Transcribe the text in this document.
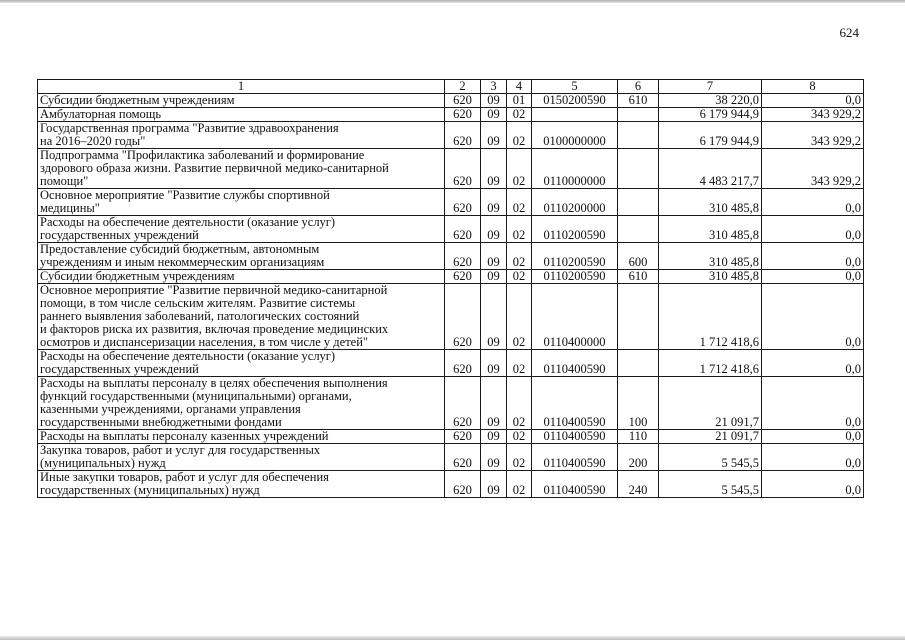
624
1	2	3	4	5	6	7	8
Субсидии бюджетным учреждениям	620	09	01	0150200590	610	38 220,0	0,0
Амбулаторная помощь	620	09	02			6 179 944,9	343 929,2
Государственная программа "Развитие здравоохранения
на 2016–2020 годы"	620	09	02	0100000000		6 179 944,9	343 929,2
Подпрограмма "Профилактика заболеваний и формирование
здорового образа жизни. Развитие первичной медико-санитарной
помощи"	620	09	02	0110000000		4 483 217,7	343 929,2
Основное мероприятие "Развитие службы спортивной
медицины"	620	09	02	0110200000		310 485,8	0,0
Расходы на обеспечение деятельности (оказание услуг)
государственных учреждений	620	09	02	0110200590		310 485,8	0,0
Предоставление субсидий бюджетным, автономным
учреждениям и иным некоммерческим организациям	620	09	02	0110200590	600	310 485,8	0,0
Субсидии бюджетным учреждениям	620	09	02	0110200590	610	310 485,8	0,0
Основное мероприятие "Развитие первичной медико-санитарной
помощи, в том числе сельским жителям. Развитие системы
раннего выявления заболеваний, патологических состояний
и факторов риска их развития, включая проведение медицинских
осмотров и диспансеризации населения, в том числе у детей"	620	09	02	0110400000		1 712 418,6	0,0
Расходы на обеспечение деятельности (оказание услуг)
государственных учреждений	620	09	02	0110400590		1 712 418,6	0,0
Расходы на выплаты персоналу в целях обеспечения выполнения
функций государственными (муниципальными) органами,
казенными учреждениями, органами управления
государственными внебюджетными фондами	620	09	02	0110400590	100	21 091,7	0,0
Расходы на выплаты персоналу казенных учреждений	620	09	02	0110400590	110	21 091,7	0,0
Закупка товаров, работ и услуг для государственных
(муниципальных) нужд	620	09	02	0110400590	200	5 545,5	0,0
Иные закупки товаров, работ и услуг для обеспечения
государственных (муниципальных) нужд	620	09	02	0110400590	240	5 545,5	0,0
